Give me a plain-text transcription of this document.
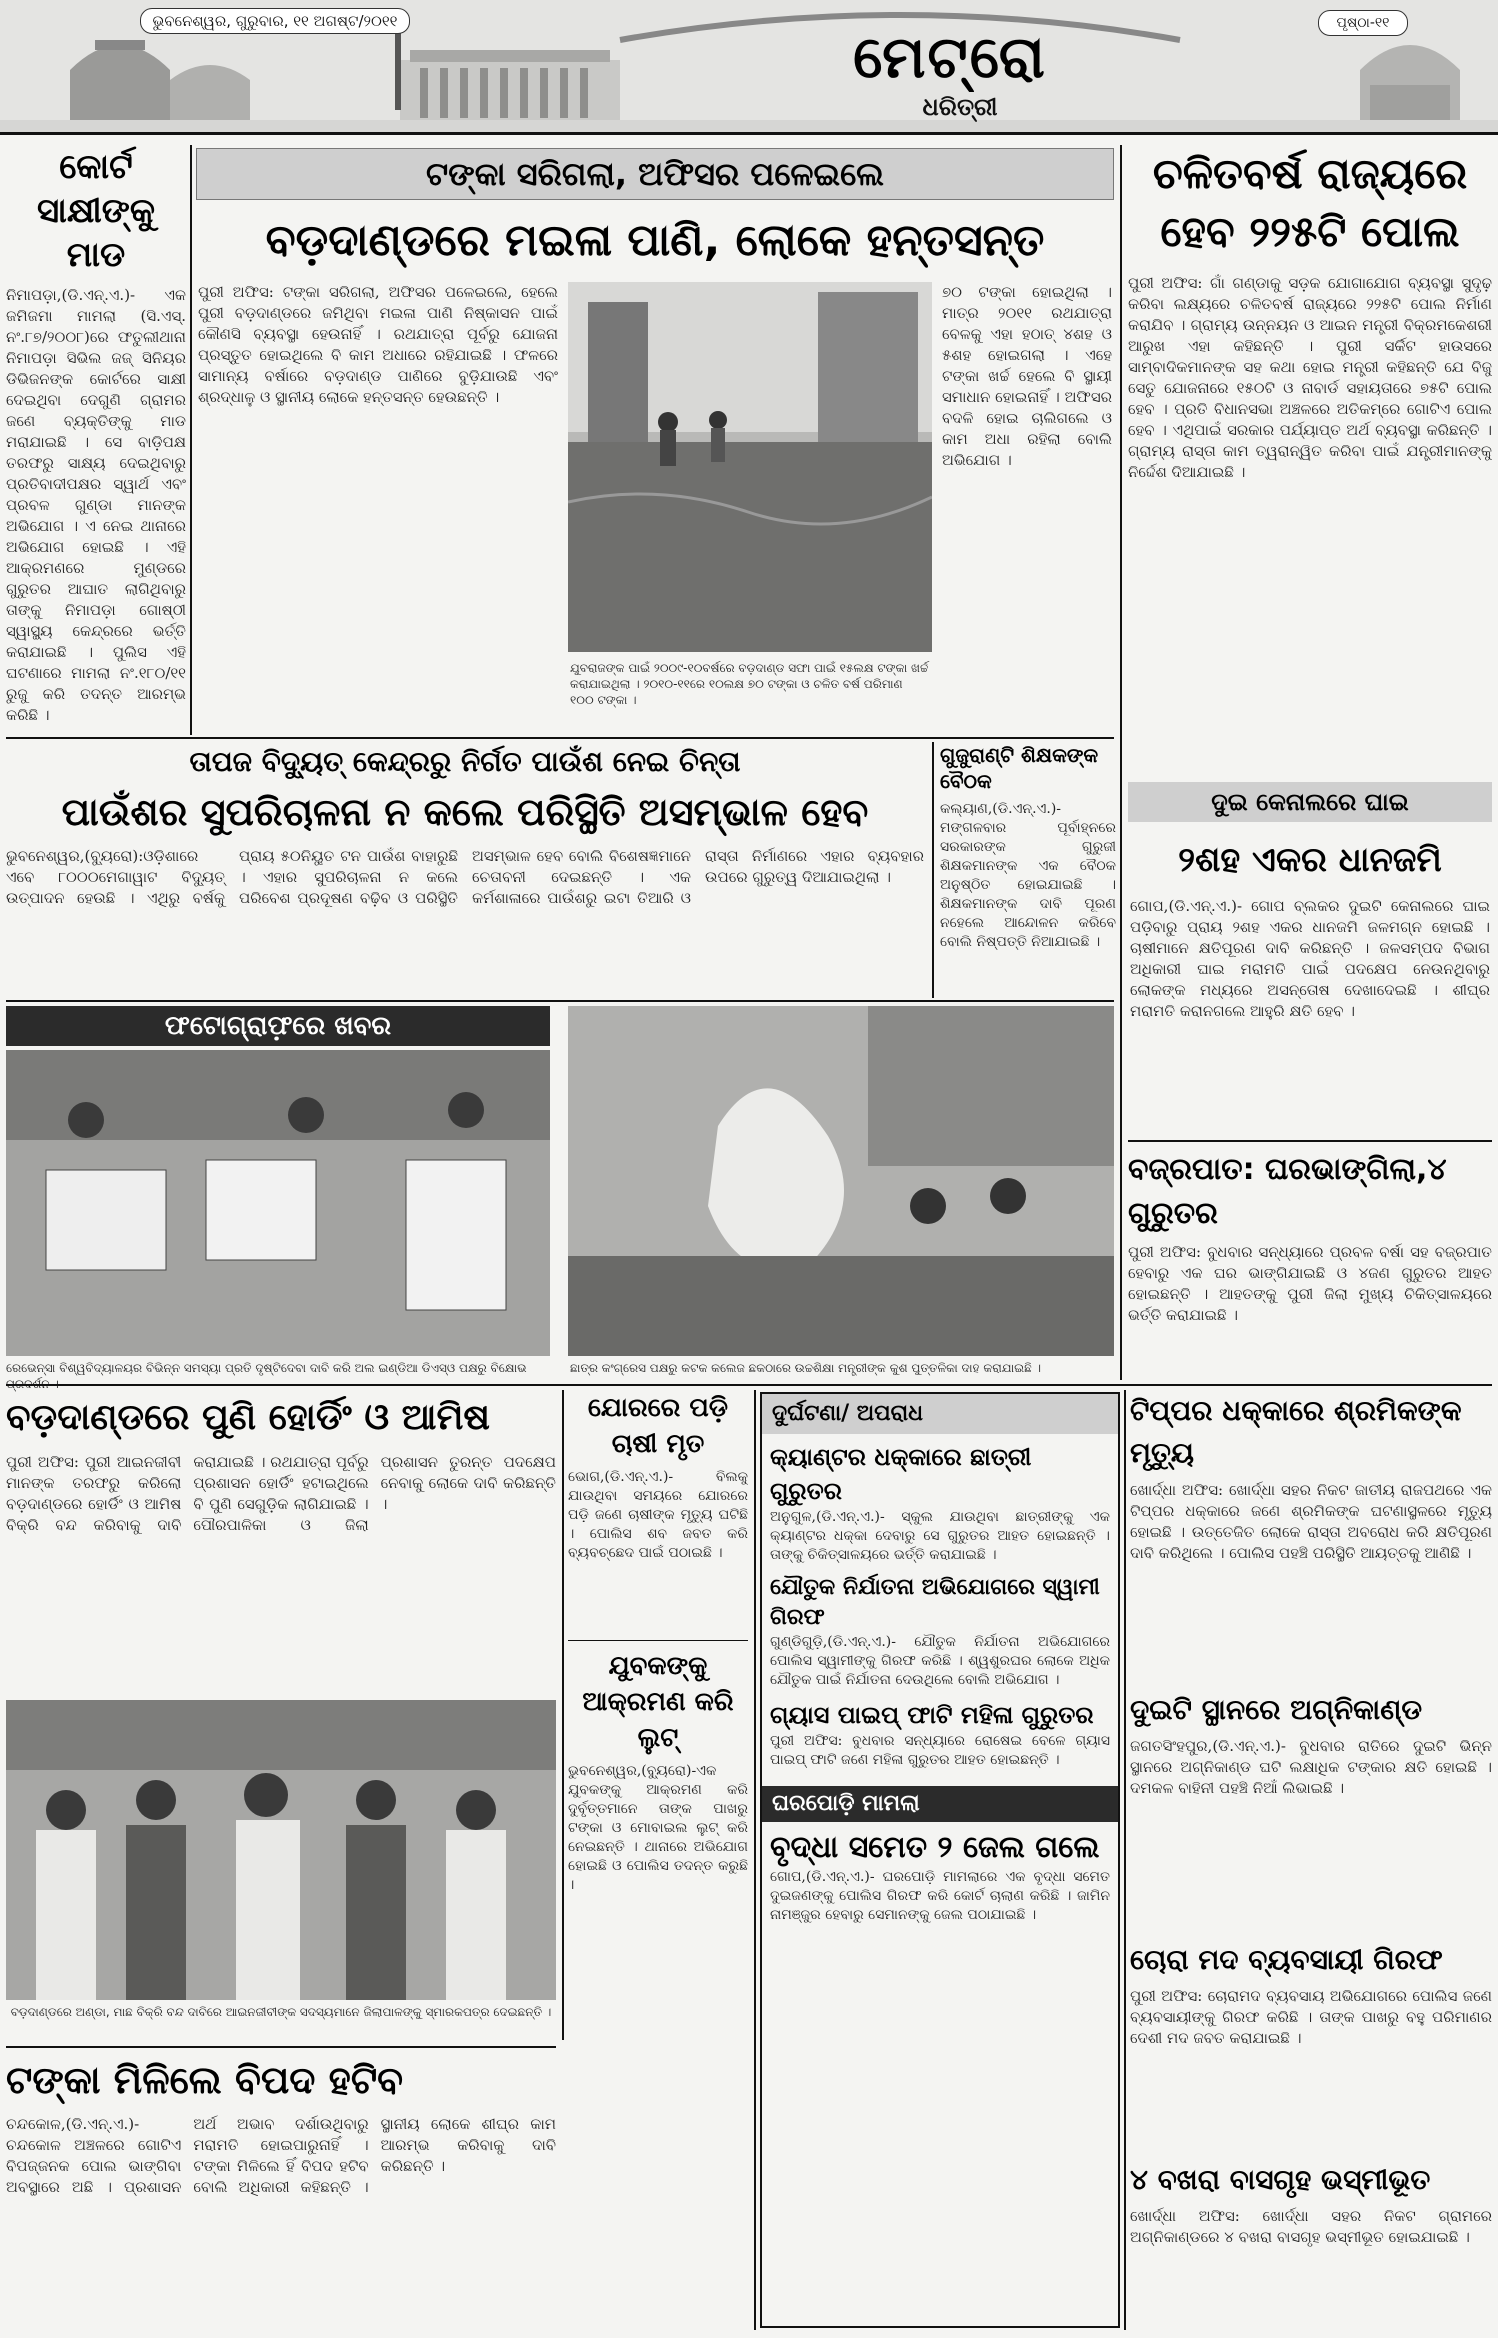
ଭୁବନେଶ୍ୱର, ଗୁରୁବାର, ୧୧ ଅଗଷ୍ଟ/୨୦୧୧
ମେଟ୍ରୋ
ଧରିତ୍ରୀ
ପୃଷ୍ଠା-୧୧
କୋର୍ଟ ସାକ୍ଷୀଙ୍କୁ ମାଡ
ନିମାପଡ଼ା,(ଡି.ଏନ୍.ଏ.)- ଏକ ଜମିଜମା ମାମଲା (ସି.ଏସ୍. ନଂ.୮୭/୨୦୦୮)ରେ ଫତୁଲୀଥାନା ନିମାପଡ଼ା ସିଭିଲ ଜଜ୍ ସିନିୟର ଡିଭିଜନଙ୍କ କୋର୍ଟରେ ସାକ୍ଷୀ ଦେଇଥିବା ଦେଗୁଣି ଗ୍ରାମର ଜଣେ ବ୍ୟକ୍ତିଙ୍କୁ ମାଡ ମରାଯାଇଛି । ସେ ବାଡ଼ିପକ୍ଷ ତରଫରୁ ସାକ୍ଷ୍ୟ ଦେଇଥିବାରୁ ପ୍ରତିବାଦୀପକ୍ଷର ସ୍ୱାର୍ଥ ଏବଂ ପ୍ରବଳ ଗୁଣ୍ଡା ମାନଙ୍କ ଅଭିଯୋଗ । ଏ ନେଇ ଥାନାରେ ଅଭିଯୋଗ ହୋଇଛି । ଏହି ଆକ୍ରମଣରେ ମୁଣ୍ଡରେ ଗୁରୁତର ଆଘାତ ଲାଗିଥିବାରୁ ତାଙ୍କୁ ନିମାପଡ଼ା ଗୋଷ୍ଠୀ ସ୍ୱାସ୍ଥ୍ୟ କେନ୍ଦ୍ରରେ ଭର୍ତ୍ତି କରାଯାଇଛି । ପୁଲିସ ଏହି ଘଟଣାରେ ମାମଲା ନଂ.୧୮୦/୧୧ ରୁଜୁ କରି ତଦନ୍ତ ଆରମ୍ଭ କରିଛି ।
ଟଙ୍କା ସରିଗଲା, ଅଫିସର ପଳେଇଲେ
ବଡ଼ଦାଣ୍ଡରେ ମଇଳା ପାଣି, ଲୋକେ ହନ୍ତସନ୍ତ
ପୁରୀ ଅଫିସ: ଟଙ୍କା ସରିଗଲା, ଅଫିସର ପଳେଇଲେ, ହେଲେ ପୁରୀ ବଡ଼ଦାଣ୍ଡରେ ଜମିଥିବା ମଇଳା ପାଣି ନିଷ୍କାସନ ପାଇଁ କୌଣସି ବ୍ୟବସ୍ଥା ହେଉନାହିଁ । ରଥଯାତ୍ରା ପୂର୍ବରୁ ଯୋଜନା ପ୍ରସ୍ତୁତ ହୋଇଥିଲେ ବି କାମ ଅଧାରେ ରହିଯାଇଛି । ଫଳରେ ସାମାନ୍ୟ ବର୍ଷାରେ ବଡ଼ଦାଣ୍ଡ ପାଣିରେ ବୁଡ଼ିଯାଉଛି ଏବଂ ଶ୍ରଦ୍ଧାଳୁ ଓ ସ୍ଥାନୀୟ ଲୋକେ ହନ୍ତସନ୍ତ ହେଉଛନ୍ତି ।
ଯୁବରାଜଙ୍କ ପାଇଁ ୨୦୦୯-୧୦ବର୍ଷରେ ବଡ଼ଦାଣ୍ଡ ସଫା ପାଇଁ ୧୫ଲକ୍ଷ ଟଙ୍କା ଖର୍ଚ୍ଚ କରାଯାଇଥିଲା । ୨୦୧୦-୧୧ରେ ୧୦ଲକ୍ଷ ୭୦ ଟଙ୍କା ଓ ଚଳିତ ବର୍ଷ ପରିମାଣ ୧୦୦ ଟଙ୍କା ।
୭୦ ଟଙ୍କା ହୋଇଥିଲା । ମାତ୍ର ୨୦୧୧ ରଥଯାତ୍ରା ବେଳକୁ ଏହା ହଠାତ୍ ୪ଶହ ଓ ୫ଶହ ହୋଇଗଲା । ଏହେ ଟଙ୍କା ଖର୍ଚ୍ଚ ହେଲେ ବି ସ୍ଥାୟୀ ସମାଧାନ ହୋଇନାହିଁ । ଅଫିସର ବଦଳି ହୋଇ ଚାଲିଗଲେ ଓ କାମ ଅଧା ରହିଲା ବୋଲି ଅଭିଯୋଗ ।
ଚଳିତବର୍ଷ ରାଜ୍ୟରେ ହେବ ୨୨୫ଟି ପୋଲ
ପୁରୀ ଅଫିସ: ଗାଁ ଗଣ୍ଡାକୁ ସଡ଼କ ଯୋଗାଯୋଗ ବ୍ୟବସ୍ଥା ସୁଦୃଢ଼ କରିବା ଲକ୍ଷ୍ୟରେ ଚଳିତବର୍ଷ ରାଜ୍ୟରେ ୨୨୫ଟି ପୋଲ ନିର୍ମାଣ କରାଯିବ । ଗ୍ରାମ୍ୟ ଉନ୍ନୟନ ଓ ଆଇନ ମନ୍ତ୍ରୀ ବିକ୍ରମକେଶରୀ ଆରୁଖ ଏହା କହିଛନ୍ତି । ପୁରୀ ସର୍କିଟ ହାଉସରେ ସାମ୍ବାଦିକମାନଙ୍କ ସହ କଥା ହୋଇ ମନ୍ତ୍ରୀ କହିଛନ୍ତି ଯେ ବିଜୁ ସେତୁ ଯୋଜନାରେ ୧୫୦ଟି ଓ ନାବାର୍ଡ ସହାୟତାରେ ୭୫ଟି ପୋଲ ହେବ । ପ୍ରତି ବିଧାନସଭା ଅଞ୍ଚଳରେ ଅତିକମ୍ରେ ଗୋଟିଏ ପୋଲ ହେବ । ଏଥିପାଇଁ ସରକାର ପର୍ଯ୍ୟାପ୍ତ ଅର୍ଥ ବ୍ୟବସ୍ଥା କରିଛନ୍ତି । ଗ୍ରାମ୍ୟ ରାସ୍ତା କାମ ତ୍ୱରାନ୍ୱିତ କରିବା ପାଇଁ ଯନ୍ତ୍ରୀମାନଙ୍କୁ ନିର୍ଦ୍ଦେଶ ଦିଆଯାଇଛି ।
ତାପଜ ବିଦ୍ୟୁତ୍ କେନ୍ଦ୍ରରୁ ନିର୍ଗତ ପାଉଁଶ ନେଇ ଚିନ୍ତା
ପାଉଁଶର ସୁପରିଚାଳନା ନ କଲେ ପରିସ୍ଥିତି ଅସମ୍ଭାଳ ହେବ
ଭୁବନେଶ୍ୱର,(ବ୍ୟୁରୋ):ଓଡ଼ିଶାରେ ଏବେ ୮୦୦୦ମେଗାୱାଟ ବିଦ୍ୟୁତ୍ ଉତ୍ପାଦନ ହେଉଛି । ଏଥିରୁ ବର୍ଷକୁ ପ୍ରାୟ ୫୦ନିୟୁତ ଟନ ପାଉଁଶ ବାହାରୁଛି । ଏହାର ସୁପରିଚାଳନା ନ କଲେ ପରିବେଶ ପ୍ରଦୂଷଣ ବଢ଼ିବ ଓ ପରିସ୍ଥିତି ଅସମ୍ଭାଳ ହେବ ବୋଲି ବିଶେଷଜ୍ଞମାନେ ଚେତାବନୀ ଦେଇଛନ୍ତି । ଏକ କର୍ମଶାଳାରେ ପାଉଁଶରୁ ଇଟା ତିଆରି ଓ ରାସ୍ତା ନିର୍ମାଣରେ ଏହାର ବ୍ୟବହାର ଉପରେ ଗୁରୁତ୍ୱ ଦିଆଯାଇଥିଲା ।
ଗୁଜୁରାଣ୍ଟି ଶିକ୍ଷକଙ୍କ ବୈଠକ
କଲ୍ୟାଣ,(ଡି.ଏନ୍.ଏ.)- ମଙ୍ଗଳବାର ପୂର୍ବାହ୍ନରେ ସରକାରଙ୍କ ଗୁରୁଜୀ ଶିକ୍ଷକମାନଙ୍କ ଏକ ବୈଠକ ଅନୁଷ୍ଠିତ ହୋଇଯାଇଛି । ଶିକ୍ଷକମାନଙ୍କ ଦାବି ପୂରଣ ନହେଲେ ଆନ୍ଦୋଳନ କରିବେ ବୋଲି ନିଷ୍ପତ୍ତି ନିଆଯାଇଛି ।
ଦୁଇ କେନାଲରେ ଘାଇ
୨ଶହ ଏକର ଧାନଜମି
ଗୋପ,(ଡି.ଏନ୍.ଏ.)- ଗୋପ ବ୍ଲକର ଦୁଇଟି କେନାଲରେ ଘାଇ ପଡ଼ିବାରୁ ପ୍ରାୟ ୨ଶହ ଏକର ଧାନଜମି ଜଳମଗ୍ନ ହୋଇଛି । ଚାଷୀମାନେ କ୍ଷତିପୂରଣ ଦାବି କରିଛନ୍ତି । ଜଳସମ୍ପଦ ବିଭାଗ ଅଧିକାରୀ ଘାଇ ମରାମତି ପାଇଁ ପଦକ୍ଷେପ ନେଉନଥିବାରୁ ଲୋକଙ୍କ ମଧ୍ୟରେ ଅସନ୍ତୋଷ ଦେଖାଦେଇଛି । ଶୀଘ୍ର ମରାମତି କରାନଗଲେ ଆହୁରି କ୍ଷତି ହେବ ।
ଫଟୋଗ୍ରାଫ଼ରେ ଖବର
ରେଭେନ୍ସା ବିଶ୍ୱବିଦ୍ୟାଳୟର ବିଭିନ୍ନ ସମସ୍ୟା ପ୍ରତି ଦୃଷ୍ଟିଦେବା ଦାବି କରି ଅଲ ଇଣ୍ଡିଆ ଡିଏସ୍ଓ ପକ୍ଷରୁ ବିକ୍ଷୋଭ	ଛାତ୍ର କଂଗ୍ରେସ ପକ୍ଷରୁ କଟକ କଲେଜ ଛକଠାରେ ଉଚ୍ଚଶିକ୍ଷା ମନ୍ତ୍ରୀଙ୍କ କୁଶ ପୁତ୍ତଳିକା ଦାହ କରାଯାଇଛି ।
ବଜ୍ରପାତ: ଘରଭାଙ୍ଗିଲା,୪ ଗୁରୁତର
ପୁରୀ ଅଫିସ: ବୁଧବାର ସନ୍ଧ୍ୟାରେ ପ୍ରବଳ ବର୍ଷା ସହ ବଜ୍ରପାତ ହେବାରୁ ଏକ ଘର ଭାଙ୍ଗିଯାଇଛି ଓ ୪ଜଣ ଗୁରୁତର ଆହତ ହୋଇଛନ୍ତି । ଆହତଙ୍କୁ ପୁରୀ ଜିଲା ମୁଖ୍ୟ ଚିକିତ୍ସାଳୟରେ ଭର୍ତ୍ତି କରାଯାଇଛି ।
ବଡ଼ଦାଣ୍ଡରେ ପୁଣି ହୋର୍ଡିଂ ଓ ଆମିଷ
ପୁରୀ ଅଫିସ: ପୁରୀ ଆଇନଜୀବୀ ମାନଙ୍କ ତରଫରୁ କରିଲୋ ବଡ଼ଦାଣ୍ଡରେ ହୋର୍ଡିଂ ଓ ଆମିଷ ବିକ୍ରି ବନ୍ଦ କରିବାକୁ ଦାବି କରାଯାଇଛି । ରଥଯାତ୍ରା ପୂର୍ବରୁ ପ୍ରଶାସନ ହୋର୍ଡିଂ ହଟାଇଥିଲେ ବି ପୁଣି ସେଗୁଡ଼ିକ ଲାଗିଯାଇଛି । ପୌରପାଳିକା ଓ ଜିଲା ପ୍ରଶାସନ ତୁରନ୍ତ ପଦକ୍ଷେପ ନେବାକୁ ଲୋକେ ଦାବି କରିଛନ୍ତି ।
ବଡ଼ଦାଣ୍ଡରେ ଅଣ୍ଡା, ମାଛ ବିକ୍ରି ବନ୍ଦ ଦାବିରେ ଆଇନଜୀବୀଙ୍କ ସଦସ୍ୟମାନେ ଜିଲାପାଳଙ୍କୁ ସ୍ମାରକପତ୍ର ଦେଇଛନ୍ତି ।
ଯୋରରେ ପଡ଼ି ଚାଷୀ ମୃତ
ଭୋଗ,(ଡି.ଏନ୍.ଏ.)- ବିଲକୁ ଯାଉଥିବା ସମୟରେ ଯୋରରେ ପଡ଼ି ଜଣେ ଚାଷୀଙ୍କ ମୃତ୍ୟୁ ଘଟିଛି । ପୋଲିସ ଶବ ଜବତ କରି ବ୍ୟବଚ୍ଛେଦ ପାଇଁ ପଠାଇଛି ।
ଯୁବକଙ୍କୁ ଆକ୍ରମଣ କରି ଲୁଟ୍
ଭୁବନେଶ୍ୱର,(ବ୍ୟୁରୋ)-ଏକ ଯୁବକଙ୍କୁ ଆକ୍ରମଣ କରି ଦୁର୍ବୃତ୍ତମାନେ ତାଙ୍କ ପାଖରୁ ଟଙ୍କା ଓ ମୋବାଇଲ ଲୁଟ୍ କରି ନେଇଛନ୍ତି । ଥାନାରେ ଅଭିଯୋଗ ହୋଇଛି ଓ ପୋଲିସ ତଦନ୍ତ କରୁଛି ।
ଦୁର୍ଘଟଣା/ ଅପରାଧ
କ୍ୟାଣ୍ଟର ଧକ୍କାରେ ଛାତ୍ରୀ ଗୁରୁତର
ଅନୁଗୁଳ,(ଡି.ଏନ୍.ଏ.)- ସ୍କୁଲ ଯାଉଥିବା ଛାତ୍ରୀଙ୍କୁ ଏକ କ୍ୟାଣ୍ଟର ଧକ୍କା ଦେବାରୁ ସେ ଗୁରୁତର ଆହତ ହୋଇଛନ୍ତି । ତାଙ୍କୁ ଚିକିତ୍ସାଳୟରେ ଭର୍ତ୍ତି କରାଯାଇଛି ।
ଯୌତୁକ ନିର୍ଯାତନା ଅଭିଯୋଗରେ ସ୍ୱାମୀ ଗିରଫ
ଗୁଣ୍ଡିଗୁଡ଼ି,(ଡି.ଏନ୍.ଏ.)- ଯୌତୁକ ନିର୍ଯାତନା ଅଭିଯୋଗରେ ପୋଲିସ ସ୍ୱାମୀଙ୍କୁ ଗିରଫ କରିଛି । ଶ୍ୱଶୁରଘର ଲୋକେ ଅଧିକ ଯୌତୁକ ପାଇଁ ନିର୍ଯାତନା ଦେଉଥିଲେ ବୋଲି ଅଭିଯୋଗ ।
ଗ୍ୟାସ ପାଇପ୍ ଫାଟି ମହିଳା ଗୁରୁତର
ପୁରୀ ଅଫିସ: ବୁଧବାର ସନ୍ଧ୍ୟାରେ ରୋଷେଇ ବେଳେ ଗ୍ୟାସ ପାଇପ୍ ଫାଟି ଜଣେ ମହିଳା ଗୁରୁତର ଆହତ ହୋଇଛନ୍ତି ।
ଘରପୋଡ଼ି ମାମଲା
ବୃଦ୍ଧା ସମେତ ୨ ଜେଲ ଗଲେ
ଗୋପ,(ଡି.ଏନ୍.ଏ.)- ଘରପୋଡ଼ି ମାମଲାରେ ଏକ ବୃଦ୍ଧା ସମେତ ଦୁଇଜଣଙ୍କୁ ପୋଲିସ ଗିରଫ କରି କୋର୍ଟ ଚାଲାଣ କରିଛି । ଜାମିନ ନାମଞ୍ଜୁର ହେବାରୁ ସେମାନଙ୍କୁ ଜେଲ ପଠାଯାଇଛି ।
ଟିପ୍ପର ଧକ୍କାରେ ଶ୍ରମିକଙ୍କ ମୃତ୍ୟୁ
ଖୋର୍ଦ୍ଧା ଅଫିସ: ଖୋର୍ଦ୍ଧା ସହର ନିକଟ ଜାତୀୟ ରାଜପଥରେ ଏକ ଟିପ୍ପର ଧକ୍କାରେ ଜଣେ ଶ୍ରମିକଙ୍କ ଘଟଣାସ୍ଥଳରେ ମୃତ୍ୟୁ ହୋଇଛି । ଉତ୍ତେଜିତ ଲୋକେ ରାସ୍ତା ଅବରୋଧ କରି କ୍ଷତିପୂରଣ ଦାବି କରିଥିଲେ । ପୋଲିସ ପହଞ୍ଚି ପରିସ୍ଥିତି ଆୟତ୍ତକୁ ଆଣିଛି ।
ଦୁଇଟି ସ୍ଥାନରେ ଅଗ୍ନିକାଣ୍ଡ
ଜଗତସିଂହପୁର,(ଡି.ଏନ୍.ଏ.)- ବୁଧବାର ରାତିରେ ଦୁଇଟି ଭିନ୍ନ ସ୍ଥାନରେ ଅଗ୍ନିକାଣ୍ଡ ଘଟି ଲକ୍ଷାଧିକ ଟଙ୍କାର କ୍ଷତି ହୋଇଛି । ଦମକଳ ବାହିନୀ ପହଞ୍ଚି ନିଆଁ ଲିଭାଇଛି ।
ଚୋରା ମଦ ବ୍ୟବସାୟୀ ଗିରଫ
ପୁରୀ ଅଫିସ: ଚୋରାମଦ ବ୍ୟବସାୟ ଅଭିଯୋଗରେ ପୋଲିସ ଜଣେ ବ୍ୟବସାୟୀଙ୍କୁ ଗିରଫ କରିଛି । ତାଙ୍କ ପାଖରୁ ବହୁ ପରିମାଣର ଦେଶୀ ମଦ ଜବତ କରାଯାଇଛି ।
୪ ବଖରା ବାସଗୃହ ଭସ୍ମୀଭୂତ
ଖୋର୍ଦ୍ଧା ଅଫିସ: ଖୋର୍ଦ୍ଧା ସହର ନିକଟ ଗ୍ରାମରେ ଅଗ୍ନିକାଣ୍ଡରେ ୪ ବଖରା ବାସଗୃହ ଭସ୍ମୀଭୂତ ହୋଇଯାଇଛି ।
ଟଙ୍କା ମିଳିଲେ ବିପଦ ହଟିବ
ଚନ୍ଦକୋଳ,(ଡି.ଏନ୍.ଏ.)- ଚନ୍ଦକୋଳ ଅଞ୍ଚଳରେ ଗୋଟିଏ ବିପଜ୍ଜନକ ପୋଲ ଭାଙ୍ଗିବା ଅବସ୍ଥାରେ ଅଛି । ପ୍ରଶାସନ ଅର୍ଥ ଅଭାବ ଦର୍ଶାଉଥିବାରୁ ମରାମତି ହୋଇପାରୁନାହିଁ । ଟଙ୍କା ମିଳିଲେ ହିଁ ବିପଦ ହଟିବ ବୋଲି ଅଧିକାରୀ କହିଛନ୍ତି । ସ୍ଥାନୀୟ ଲୋକେ ଶୀଘ୍ର କାମ ଆରମ୍ଭ କରିବାକୁ ଦାବି କରିଛନ୍ତି ।
